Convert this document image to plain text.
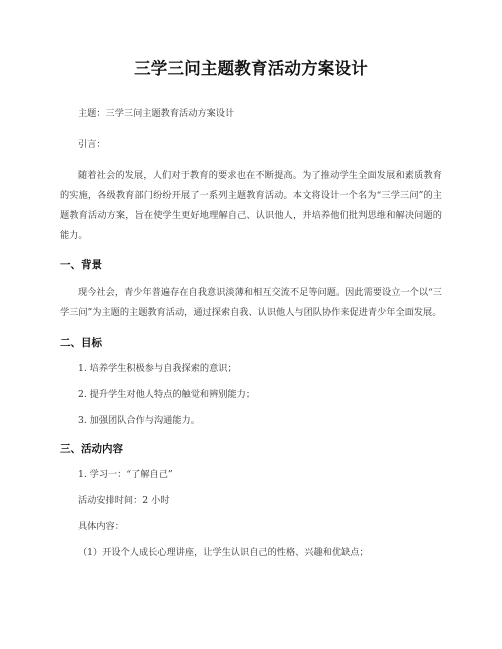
三学三问主题教育活动方案设计

主题：三学三问主题教育活动方案设计

引言：

随着社会的发展，人们对于教育的要求也在不断提高。为了推动学生全面发展和素质教育的实施，各级教育部门纷纷开展了一系列主题教育活动。本文将设计一个名为“三学三问”的主题教育活动方案，旨在使学生更好地理解自己、认识他人，并培养他们批判思维和解决问题的能力。

一、背景

现今社会，青少年普遍存在自我意识淡薄和相互交流不足等问题。因此需要设立一个以“三学三问”为主题的主题教育活动，通过探索自我、认识他人与团队协作来促进青少年全面发展。

二、目标

1. 培养学生积极参与自我探索的意识；

2. 提升学生对他人特点的触觉和辨别能力；

3. 加强团队合作与沟通能力。

三、活动内容

1. 学习一：“了解自己”

活动安排时间：2 小时

具体内容：

（1）开设个人成长心理讲座，让学生认识自己的性格、兴趣和优缺点；
